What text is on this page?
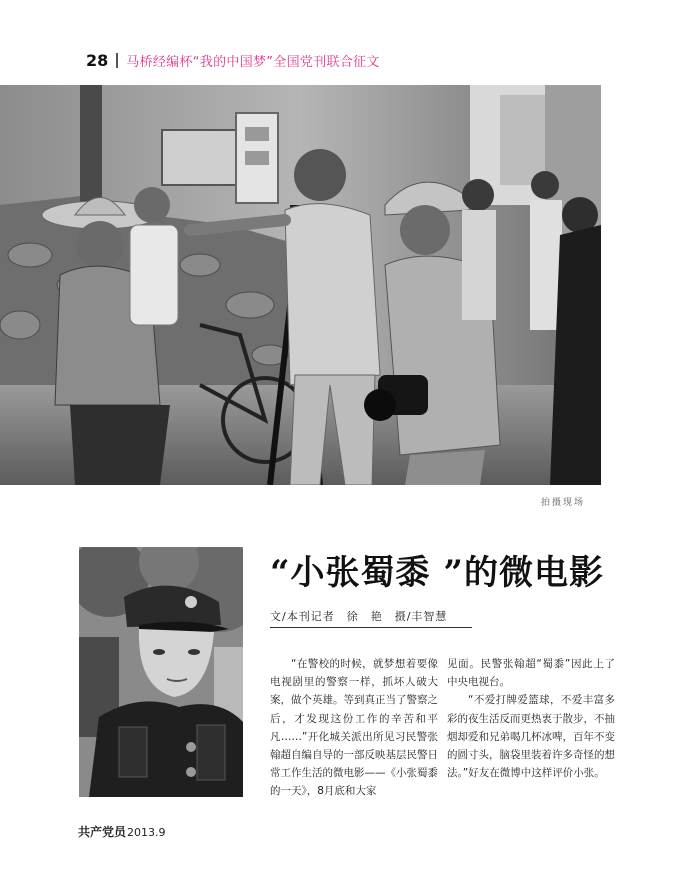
28 马桥经编杯“我的中国梦”全国党刊联合征文
拍摄现场
“小张蜀黍 ”的微电影
文/本刊记者　徐　艳　摄/丰智慧

“在警校的时候，就梦想着要像电视剧里的警察一样，抓坏人破大案，做个英雄。等到真正当了警察之后，才发现这份工作的辛苦和平凡……”开化城关派出所见习民警张翰超自编自导的一部反映基层民警日常工作生活的微电影——《小张蜀黍的一天》，8月底和大家

见面。民警张翰超“蜀黍”因此上了中央电视台。

“不爱打牌爱篮球，不爱丰富多彩的夜生活反而更热衷于散步，不抽烟却爱和兄弟喝几杯冰啤，百年不变的圆寸头，脑袋里装着许多奇怪的想法。”好友在微博中这样评价小张。

共产党员 2013.9
